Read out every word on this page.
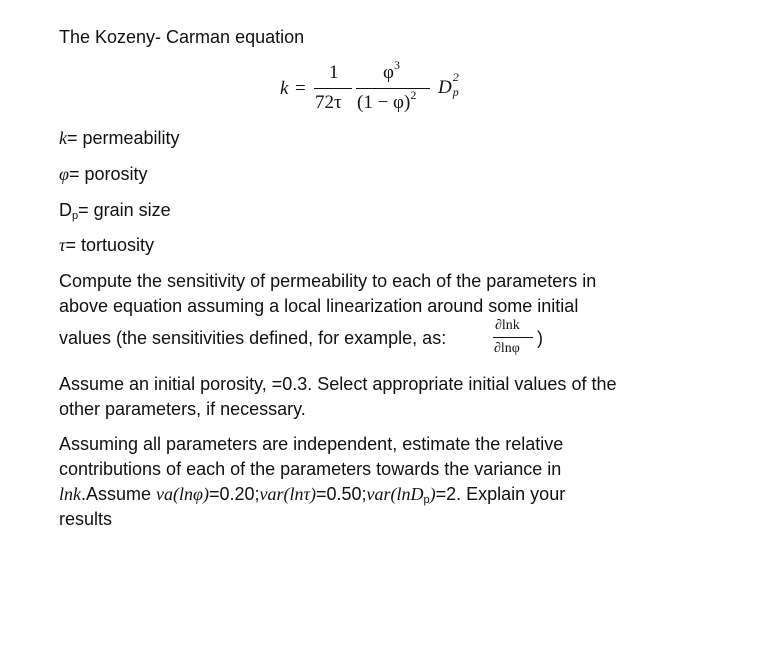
The Kozeny- Carman equation
k =
1
72τ
$\varphi^3$
$(1 - \varphi)^2$ D 2
p
k= permeability
φ= porosity
Dp= grain size
τ= tortuosity
Compute the sensitivity of permeability to each of the parameters in
above equation assuming a local linearization around some initial
values (the sensitivities defined, for example, as:
∂lnk
∂lnφ
)
Assume an initial porosity, =0.3. Select appropriate initial values of the
other parameters, if necessary.
Assuming all parameters are independent, estimate the relative
contributions of each of the parameters towards the variance in
lnk.Assume va(lnφ)=0.20;var(lnτ)=0.50;var(lnDp)=2. Explain your
results
